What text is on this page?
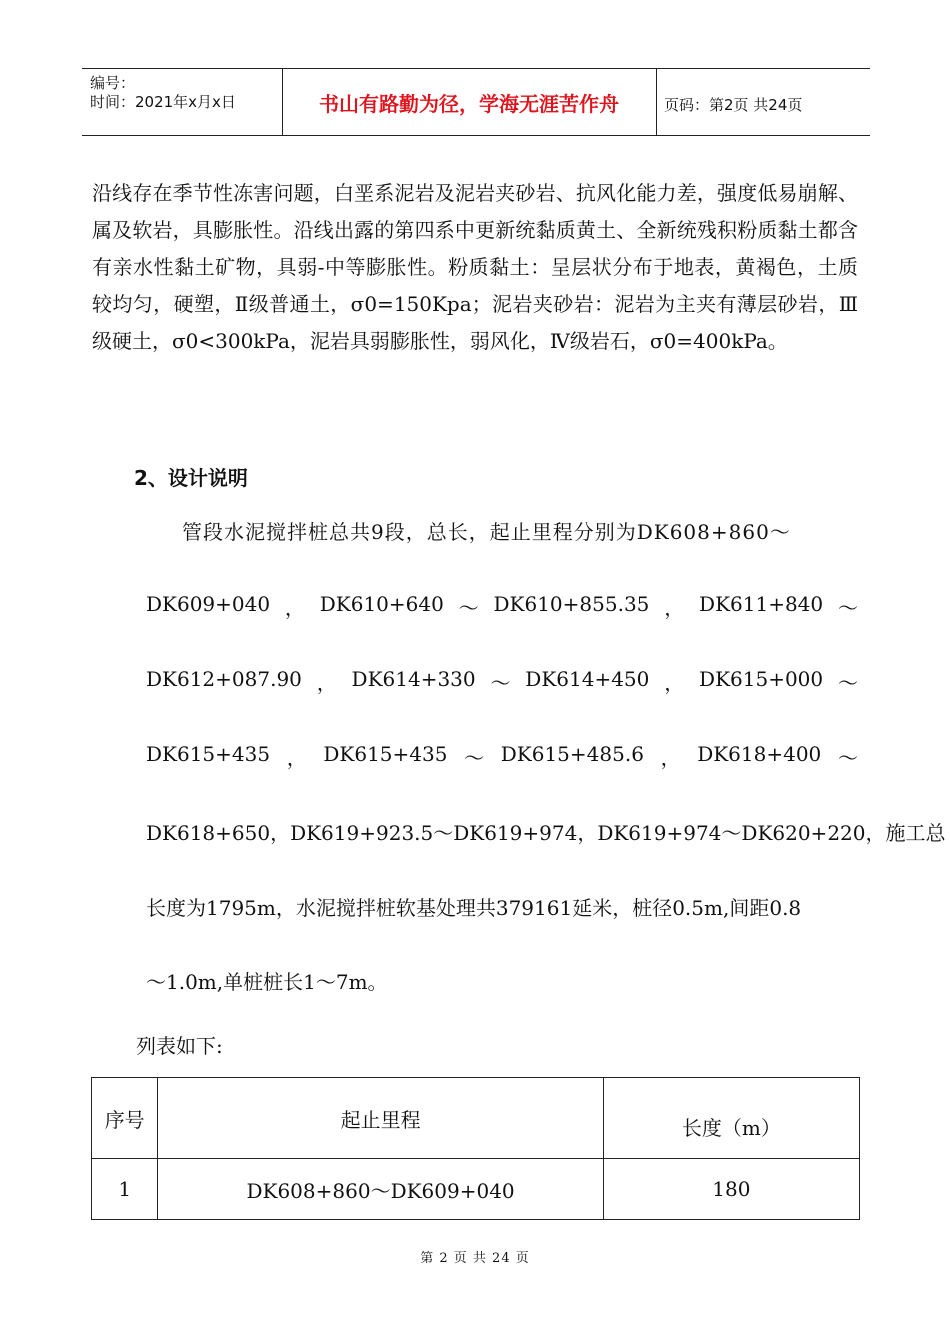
编号：
时间：2021年x月x日	书山有路勤为径，学海无涯苦作舟	页码：第2页 共24页
沿线存在季节性冻害问题，白垩系泥岩及泥岩夹砂岩、抗风化能力差，强度低易崩解、属及软岩，具膨胀性。沿线出露的第四系中更新统黏质黄土、全新统残积粉质黏土都含有亲水性黏土矿物，具弱-中等膨胀性。粉质黏土：呈层状分布于地表，黄褐色，土质较均匀，硬塑，Ⅱ级普通土，σ0=150Kpa；泥岩夹砂岩：泥岩为主夹有薄层砂岩，Ⅲ级硬土，σ0<300kPa，泥岩具弱膨胀性，弱风化，Ⅳ级岩石，σ0=400kPa。
2、设计说明
管段水泥搅拌桩总共9段，总长，起止里程分别为DK608+860～
DK609+040 ， DK610+640 ～ DK610+855.35 ， DK611+840 ～
DK612+087.90 ， DK614+330 ～ DK614+450 ， DK615+000 ～
DK615+435 ， DK615+435 ～ DK615+485.6 ， DK618+400 ～
DK618+650，DK619+923.5～DK619+974，DK619+974～DK620+220，施工总
长度为1795m，水泥搅拌桩软基处理共379161延米，桩径0.5m,间距0.8
～1.0m,单桩桩长1～7m。
列表如下:
序号	起止里程	长度（m）
1	DK608+860～DK609+040	180
第 2 页 共 24 页
